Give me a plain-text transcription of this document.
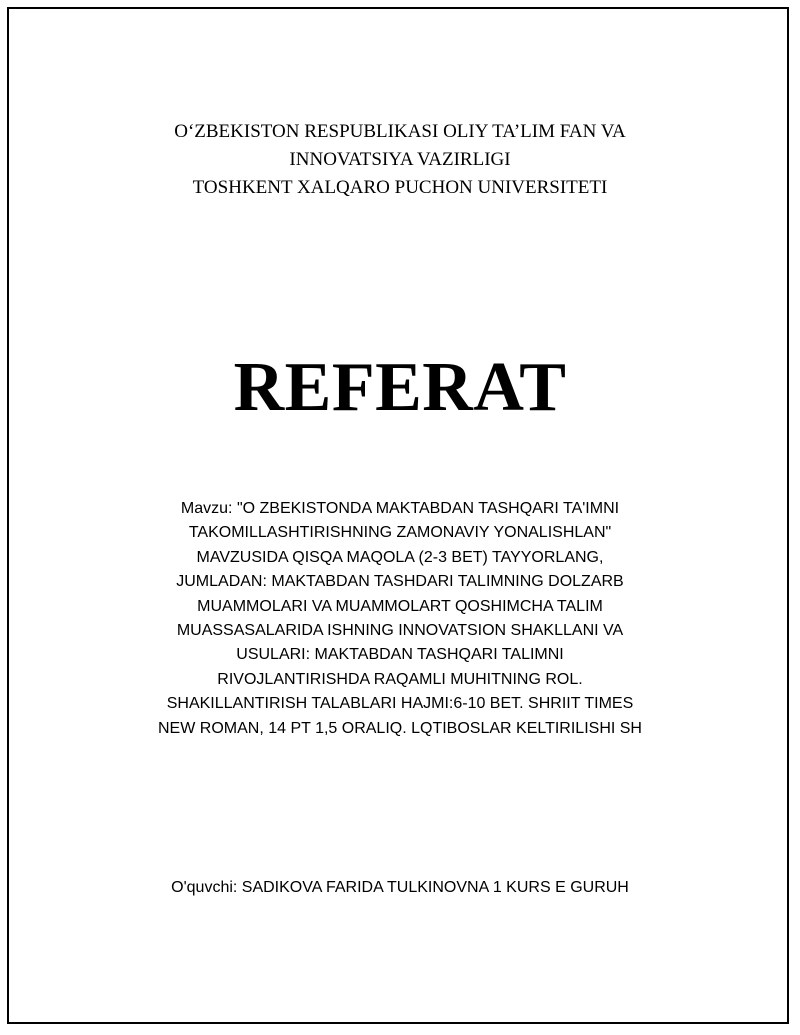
O‘ZBEKISTON RESPUBLIKASI OLIY TA’LIM FAN VA
INNOVATSIYA VAZIRLIGI
TOSHKENT XALQARO PUCHON UNIVERSITETI
REFERAT
Mavzu: "O ZBEKISTONDA MAKTABDAN TASHQARI TA'IMNI
TAKOMILLASHTIRISHNING ZAMONAVIY YONALISHLAN"
MAVZUSIDA QISQA MAQOLA (2-3 BET) TAYYORLANG,
JUMLADAN: MAKTABDAN TASHDARI TALIMNING DOLZARB
MUAMMOLARI VA MUAMMOLART QOSHIMCHA TALIM
MUASSASALARIDA ISHNING INNOVATSION SHAKLLANI VA
USULARI: MAKTABDAN TASHQARI TALIMNI
RIVOJLANTIRISHDA RAQAMLI MUHITNING ROL.
SHAKILLANTIRISH TALABLARI HAJMI:6-10 BET. SHRIIT TIMES
NEW ROMAN, 14 PT 1,5 ORALIQ. LQTIBOSLAR KELTIRILISHI SH
O'quvchi: SADIKOVA FARIDA TULKINOVNA 1 KURS E GURUH
